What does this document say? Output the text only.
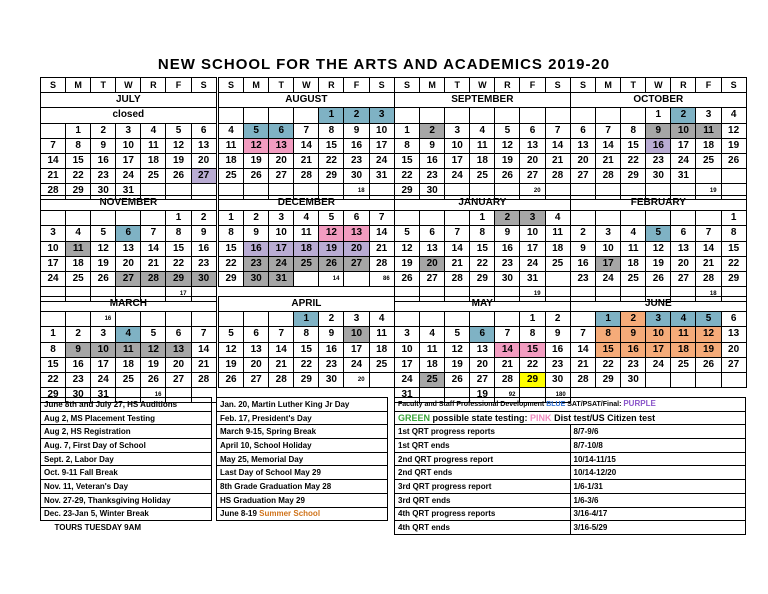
NEW SCHOOL FOR THE ARTS AND ACADEMICS 2019-20
S	M	T	W	R	F	S
JULY						
closed						
	1	2	3	4	5	6
7	8	9	10	11	12	13
14	15	16	17	18	19	20
21	22	23	24	25	26	27
28	29	30	31			
S	M	T	W	R	F	S
AUGUST						
				1	2	3
4	5	6	7	8	9	10
11	12	13	14	15	16	17
18	19	20	21	22	23	24
25	26	27	28	29	30	31
					18	
S	M	T	W	R	F	S
SEPTEMBER						

1	2	3	4	5	6	7
8	9	10	11	12	13	14
15	16	17	18	19	20	21
22	23	24	25	26	27	28
29	30				20	
S	M	T	W	R	F	S
OCTOBER						
			1	2	3	4
6	7	8	9	10	11	12
13	14	15	16	17	18	19
20	21	22	23	24	25	26
27	28	29	30	31		
					19	
NOVEMBER						
					1	2
3	4	5	6	7	8	9
10	11	12	13	14	15	16
17	18	19	20	21	22	23
24	25	26	27	28	29	30
					17	
DECEMBER						
1	2	3	4	5	6	7
8	9	10	11	12	13	14
15	16	17	18	19	20	21
22	23	24	25	26	27	28
29	30	31		14		86
JANUARY						
			1	2	3	4
5	6	7	8	9	10	11
12	13	14	15	16	17	18
19	20	21	22	23	24	25
26	27	28	29	30	31	
					19	
FEBRUARY						
						1
2	3	4	5	6	7	8
9	10	11	12	13	14	15
16	17	18	19	20	21	22
23	24	25	26	27	28	29
					18	
MARCH						
		16				
1	2	3	4	5	6	7
8	9	10	11	12	13	14
15	16	17	18	19	20	21
22	23	24	25	26	27	28
29	30	31		16		
APRIL						
			1	2	3	4
5	6	7	8	9	10	11
12	13	14	15	16	17	18
19	20	21	22	23	24	25
26	27	28	29	30	20	
MAY						
					1	2
3	4	5	6	7	8	9
10	11	12	13	14	15	16
17	18	19	20	21	22	23
24	25	26	27	28	29	30
31			19	92		180
JUNE						
	1	2	3	4	5	6
7	8	9	10	11	12	13
14	15	16	17	18	19	20
21	22	23	24	25	26	27
28	29	30				
June 8th and July 27, HS Auditions
Aug 2, MS Placement Testing
Aug 2, HS Registration
Aug. 7, First Day of School
Sept. 2, Labor Day
Oct. 9-11 Fall Break
Nov. 11, Veteran's Day
Nov. 27-29, Thanksgiving Holiday
Dec. 23-Jan 5, Winter Break
TOURS TUESDAY 9AM
Jan. 20, Martin Luther King Jr Day
Feb. 17, President's Day
March 9-15, Spring Break
April 10, School Holiday
May 25, Memorial Day
Last Day of School May 29
8th Grade Graduation May 28
HS Graduation May 29
June 8-19 Summer School
Faculty and Staff Professional Development BLUE SAT/PSAT/Final: PURPLE	
GREEN possible state testing: PINK Dist test/US Citizen test	
1st QRT progress reports	8/7-9/6
1st QRT ends	8/7-10/8
2nd QRT progress report	10/14-11/15
2nd QRT ends	10/14-12/20
3rd QRT progress report	1/6-1/31
3rd QRT ends	1/6-3/6
4th QRT progress reports	3/16-4/17
4th QRT ends	3/16-5/29
